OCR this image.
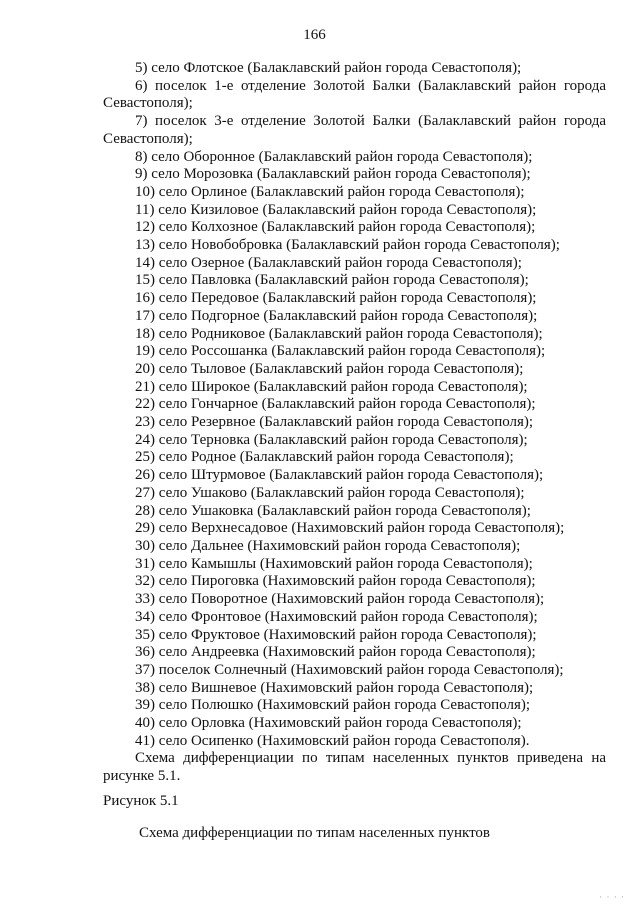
166
5) село Флотское (Балаклавский район города Севастополя);
6) поселок 1-е отделение Золотой Балки (Балаклавский район города
Севастополя);
7) поселок 3-е отделение Золотой Балки (Балаклавский район города
Севастополя);
8) село Оборонное (Балаклавский район города Севастополя);
9) село Морозовка (Балаклавский район города Севастополя);
10) село Орлиное (Балаклавский район города Севастополя);
11) село Кизиловое (Балаклавский район города Севастополя);
12) село Колхозное (Балаклавский район города Севастополя);
13) село Новобобровка (Балаклавский район города Севастополя);
14) село Озерное (Балаклавский район города Севастополя);
15) село Павловка (Балаклавский район города Севастополя);
16) село Передовое (Балаклавский район города Севастополя);
17) село Подгорное (Балаклавский район города Севастополя);
18) село Родниковое (Балаклавский район города Севастополя);
19) село Россошанка (Балаклавский район города Севастополя);
20) село Тыловое (Балаклавский район города Севастополя);
21) село Широкое (Балаклавский район города Севастополя);
22) село Гончарное (Балаклавский район города Севастополя);
23) село Резервное (Балаклавский район города Севастополя);
24) село Терновка (Балаклавский район города Севастополя);
25) село Родное (Балаклавский район города Севастополя);
26) село Штурмовое (Балаклавский район города Севастополя);
27) село Ушаково (Балаклавский район города Севастополя);
28) село Ушаковка (Балаклавский район города Севастополя);
29) село Верхнесадовое (Нахимовский район города Севастополя);
30) село Дальнее (Нахимовский район города Севастополя);
31) село Камышлы (Нахимовский район города Севастополя);
32) село Пироговка (Нахимовский район города Севастополя);
33) село Поворотное (Нахимовский район города Севастополя);
34) село Фронтовое (Нахимовский район города Севастополя);
35) село Фруктовое (Нахимовский район города Севастополя);
36) село Андреевка (Нахимовский район города Севастополя);
37) поселок Солнечный (Нахимовский район города Севастополя);
38) село Вишневое (Нахимовский район города Севастополя);
39) село Полюшко (Нахимовский район города Севастополя);
40) село Орловка (Нахимовский район города Севастополя);
41) село Осипенко (Нахимовский район города Севастополя).
Схема дифференциации по типам населенных пунктов приведена на
рисунке 5.1.
Рисунок 5.1
Схема дифференциации по типам населенных пунктов
· · · ·
